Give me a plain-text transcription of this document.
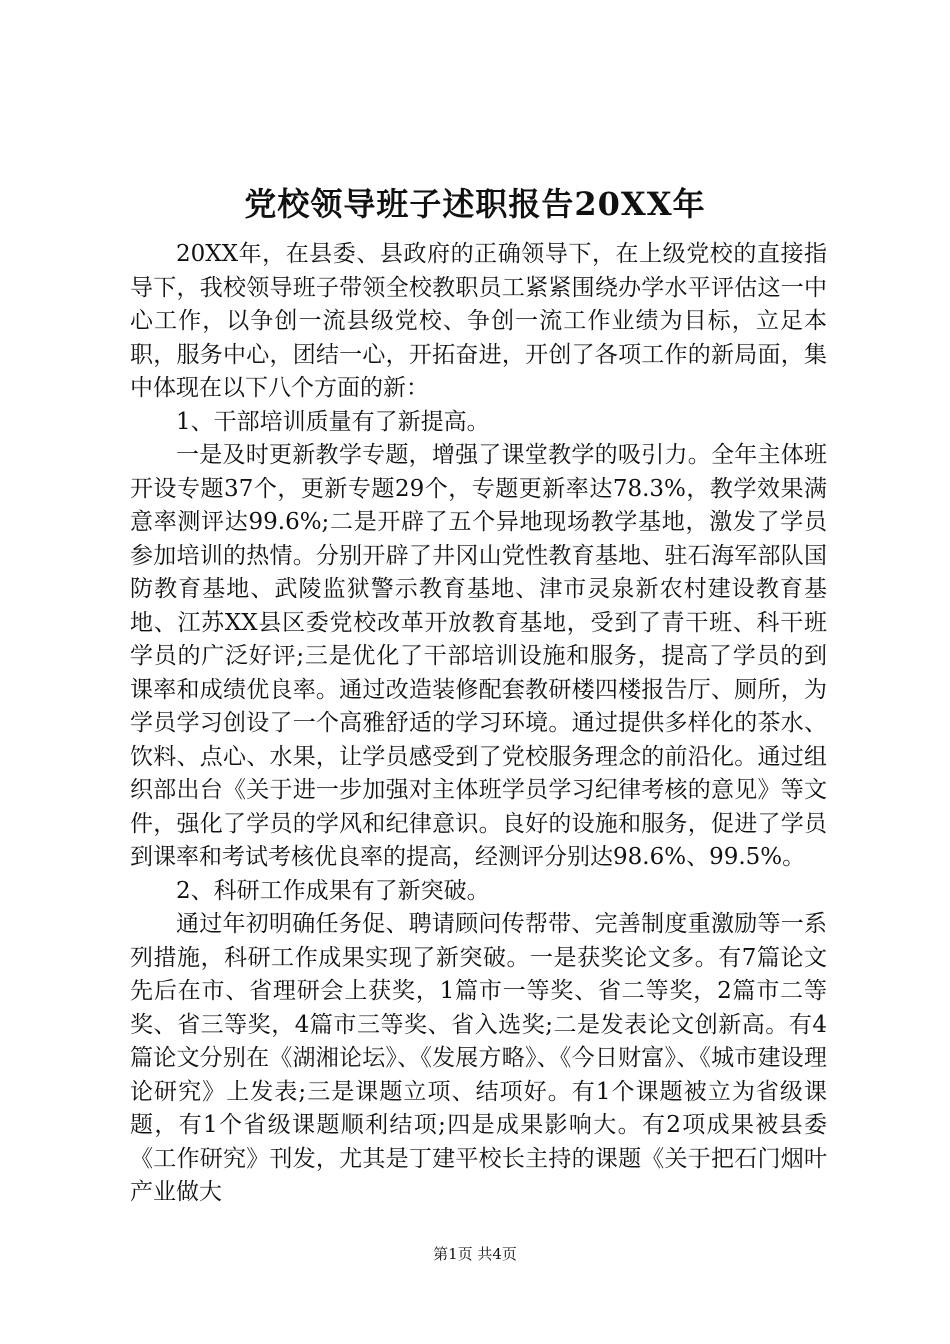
党校领导班子述职报告20XX年

20XX年，在县委、县政府的正确领导下，在上级党校的直接指导下，我校领导班子带领全校教职员工紧紧围绕办学水平评估这一中心工作，以争创一流县级党校、争创一流工作业绩为目标，立足本职，服务中心，团结一心，开拓奋进，开创了各项工作的新局面，集中体现在以下八个方面的新：

1、干部培训质量有了新提高。

一是及时更新教学专题，增强了课堂教学的吸引力。全年主体班开设专题37个，更新专题29个，专题更新率达78.3%，教学效果满意率测评达99.6%;二是开辟了五个异地现场教学基地，激发了学员参加培训的热情。分别开辟了井冈山党性教育基地、驻石海军部队国防教育基地、武陵监狱警示教育基地、津市灵泉新农村建设教育基地、江苏XX县区委党校改革开放教育基地，受到了青干班、科干班学员的广泛好评;三是优化了干部培训设施和服务，提高了学员的到课率和成绩优良率。通过改造装修配套教研楼四楼报告厅、厕所，为学员学习创设了一个高雅舒适的学习环境。通过提供多样化的茶水、饮料、点心、水果，让学员感受到了党校服务理念的前沿化。通过组织部出台《关于进一步加强对主体班学员学习纪律考核的意见》等文件，强化了学员的学风和纪律意识。良好的设施和服务，促进了学员到课率和考试考核优良率的提高，经测评分别达98.6%、99.5%。

2、科研工作成果有了新突破。

通过年初明确任务促、聘请顾问传帮带、完善制度重激励等一系列措施，科研工作成果实现了新突破。一是获奖论文多。有7篇论文先后在市、省理研会上获奖，1篇市一等奖、省二等奖，2篇市二等奖、省三等奖，4篇市三等奖、省入选奖;二是发表论文创新高。有4篇论文分别在《湖湘论坛》、《发展方略》、《今日财富》、《城市建设理论研究》上发表;三是课题立项、结项好。有1个课题被立为省级课题，有1个省级课题顺利结项;四是成果影响大。有2项成果被县委《工作研究》刊发，尤其是丁建平校长主持的课题《关于把石门烟叶产业做大

第1页 共4页
